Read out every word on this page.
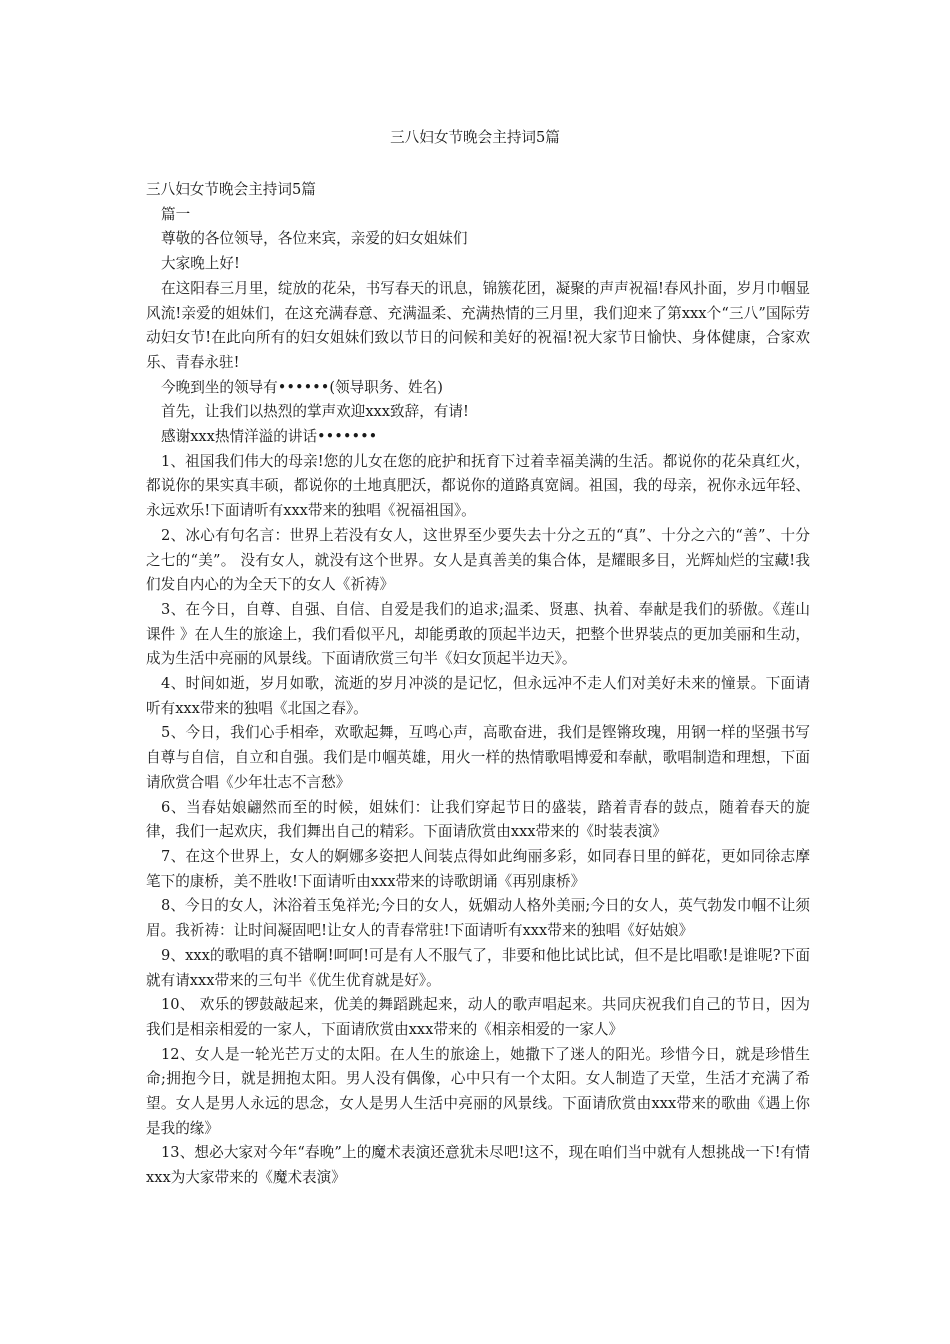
三八妇女节晚会主持词5篇

三八妇女节晚会主持词5篇

篇一

尊敬的各位领导，各位来宾，亲爱的妇女姐妹们

大家晚上好!

在这阳春三月里，绽放的花朵，书写春天的讯息，锦簇花团，凝聚的声声祝福!春风扑面，岁月巾帼显风流!亲爱的姐妹们，在这充满春意、充满温柔、充满热情的三月里，我们迎来了第xxx个“三八”国际劳动妇女节!在此向所有的妇女姐妹们致以节日的问候和美好的祝福!祝大家节日愉快、身体健康，合家欢乐、青春永驻!

今晚到坐的领导有••••••(领导职务、姓名)

首先，让我们以热烈的掌声欢迎xxx致辞，有请!

感谢xxx热情洋溢的讲话•••••••

1、祖国我们伟大的母亲!您的儿女在您的庇护和抚育下过着幸福美满的生活。都说你的花朵真红火，都说你的果实真丰硕，都说你的土地真肥沃，都说你的道路真宽阔。祖国，我的母亲，祝你永远年轻、永远欢乐!下面请听有xxx带来的独唱《祝福祖国》。

2、冰心有句名言：世界上若没有女人，这世界至少要失去十分之五的“真”、十分之六的“善”、十分之七的“美”。 没有女人，就没有这个世界。女人是真善美的集合体，是耀眼多目，光辉灿烂的宝藏!我们发自内心的为全天下的女人《祈祷》

3、在今日，自尊、自强、自信、自爱是我们的追求;温柔、贤惠、执着、奉献是我们的骄傲。《莲山 课件 》在人生的旅途上，我们看似平凡，却能勇敢的顶起半边天，把整个世界装点的更加美丽和生动，成为生活中亮丽的风景线。下面请欣赏三句半《妇女顶起半边天》。

4、时间如逝，岁月如歌，流逝的岁月冲淡的是记忆，但永远冲不走人们对美好未来的憧景。下面请听有xxx带来的独唱《北国之春》。

5、今日，我们心手相牵，欢歌起舞，互鸣心声，高歌奋进，我们是铿锵玫瑰，用钢一样的坚强书写自尊与自信，自立和自强。我们是巾帼英雄，用火一样的热情歌唱博爱和奉献，歌唱制造和理想，下面请欣赏合唱《少年壮志不言愁》

6、当春姑娘翩然而至的时候，姐妹们：让我们穿起节日的盛装，踏着青春的鼓点，随着春天的旋律，我们一起欢庆，我们舞出自己的精彩。下面请欣赏由xxx带来的《时装表演》

7、在这个世界上，女人的婀娜多姿把人间装点得如此绚丽多彩，如同春日里的鲜花，更如同徐志摩笔下的康桥，美不胜收!下面请听由xxx带来的诗歌朗诵《再别康桥》

8、今日的女人，沐浴着玉兔祥光;今日的女人，妩媚动人格外美丽;今日的女人，英气勃发巾帼不让须眉。我祈祷：让时间凝固吧!让女人的青春常驻!下面请听有xxx带来的独唱《好姑娘》

9、xxx的歌唱的真不错啊!呵呵!可是有人不服气了，非要和他比试比试，但不是比唱歌!是谁呢?下面就有请xxx带来的三句半《优生优育就是好》。

10、 欢乐的锣鼓敲起来，优美的舞蹈跳起来，动人的歌声唱起来。共同庆祝我们自己的节日，因为我们是相亲相爱的一家人，下面请欣赏由xxx带来的《相亲相爱的一家人》

12、女人是一轮光芒万丈的太阳。在人生的旅途上，她撒下了迷人的阳光。珍惜今日，就是珍惜生命;拥抱今日，就是拥抱太阳。男人没有偶像，心中只有一个太阳。女人制造了天堂，生活才充满了希望。女人是男人永远的思念，女人是男人生活中亮丽的风景线。下面请欣赏由xxx带来的歌曲《遇上你是我的缘》

13、想必大家对今年“春晚”上的魔术表演还意犹未尽吧!这不，现在咱们当中就有人想挑战一下!有情xxx为大家带来的《魔术表演》
